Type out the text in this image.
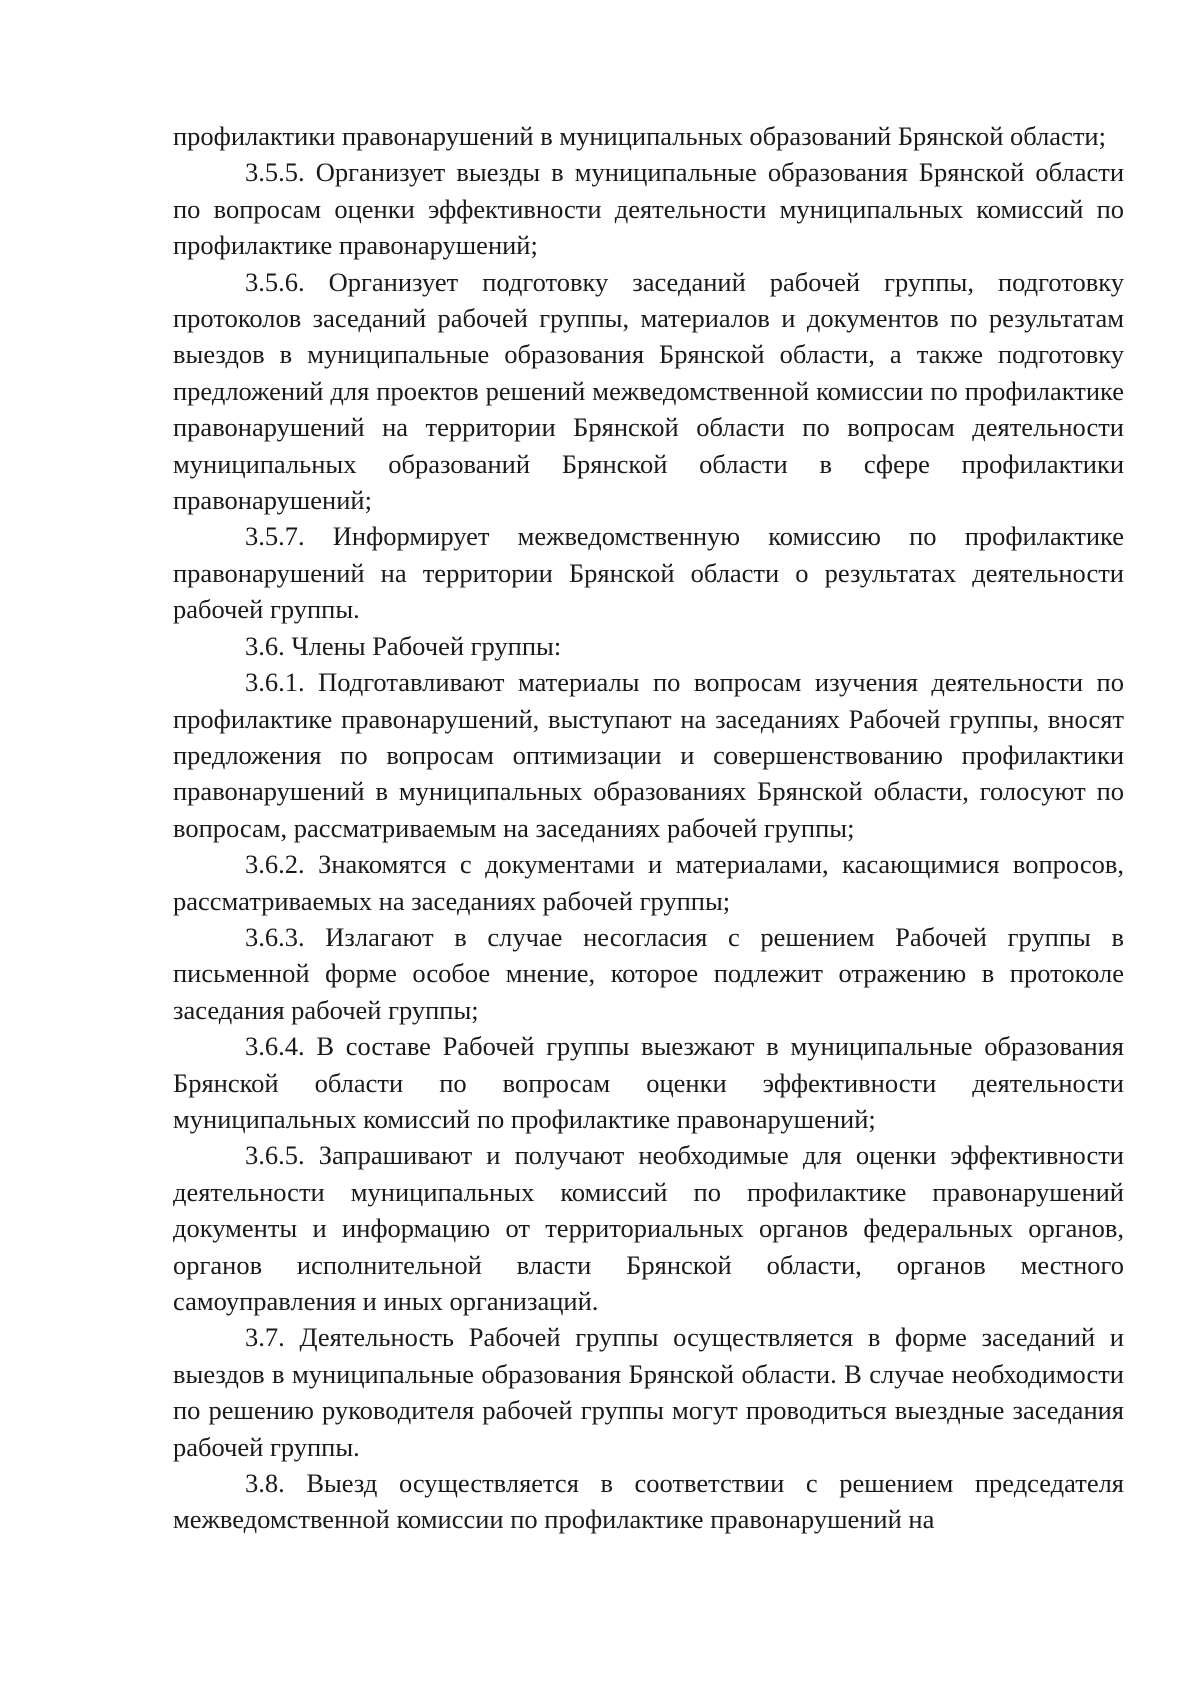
профилактики правонарушений в муниципальных образований Брянской области;

3.5.5. Организует выезды в муниципальные образования Брянской области по вопросам оценки эффективности деятельности муниципальных комиссий по профилактике правонарушений;

3.5.6. Организует подготовку заседаний рабочей группы, подготовку протоколов заседаний рабочей группы, материалов и документов по результатам выездов в муниципальные образования Брянской области, а также подготовку предложений для проектов решений межведомственной комиссии по профилактике правонарушений на территории Брянской области по вопросам деятельности муниципальных образований Брянской области в сфере профилактики правонарушений;

3.5.7. Информирует межведомственную комиссию по профилактике правонарушений на территории Брянской области о результатах деятельности рабочей группы.

3.6. Члены Рабочей группы:

3.6.1. Подготавливают материалы по вопросам изучения деятельности по профилактике правонарушений, выступают на заседаниях Рабочей группы, вносят предложения по вопросам оптимизации и совершенствованию профилактики правонарушений в муниципальных образованиях Брянской области, голосуют по вопросам, рассматриваемым на заседаниях рабочей группы;

3.6.2. Знакомятся с документами и материалами, касающимися вопросов, рассматриваемых на заседаниях рабочей группы;

3.6.3. Излагают в случае несогласия с решением Рабочей группы в письменной форме особое мнение, которое подлежит отражению в протоколе заседания рабочей группы;

3.6.4. В составе Рабочей группы выезжают в муниципальные образования Брянской области по вопросам оценки эффективности деятельности муниципальных комиссий по профилактике правонарушений;

3.6.5. Запрашивают и получают необходимые для оценки эффективности деятельности муниципальных комиссий по профилактике правонарушений документы и информацию от территориальных органов федеральных органов, органов исполнительной власти Брянской области, органов местного самоуправления и иных организаций.

3.7. Деятельность Рабочей группы осуществляется в форме заседаний и выездов в муниципальные образования Брянской области. В случае необходимости по решению руководителя рабочей группы могут проводиться выездные заседания рабочей группы.

3.8. Выезд осуществляется в соответствии с решением председателя межведомственной комиссии по профилактике правонарушений на
